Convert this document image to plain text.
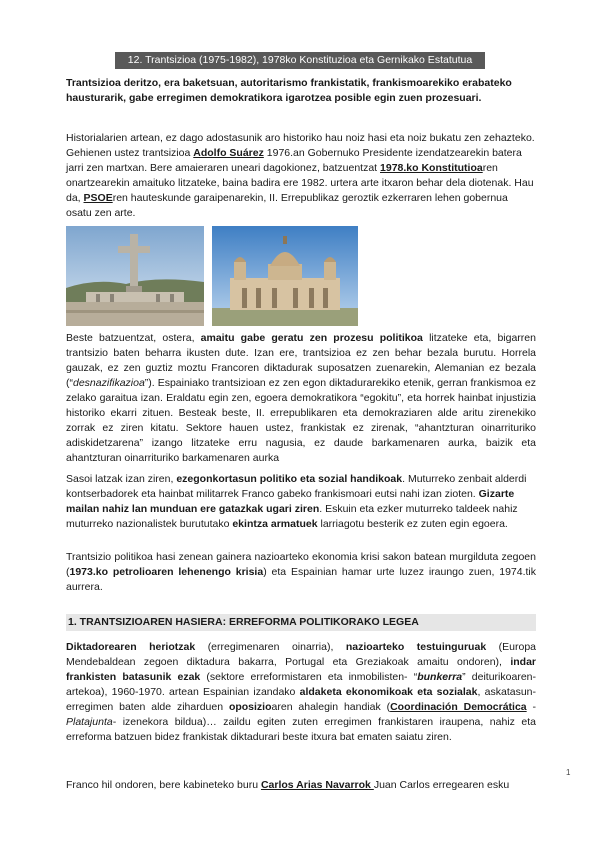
12. Trantsizioa (1975-1982), 1978ko Konstituzioa eta Gernikako Estatutua

Trantsizioa deritzo, era baketsuan, autoritarismo frankistatik, frankismoarekiko erabateko hausturarik, gabe erregimen demokratikora igarotzea posible egin zuen prozesuari.

Historialarien artean, ez dago adostasunik aro historiko hau noiz hasi eta noiz bukatu zen zehazteko. Gehienen ustez trantsizioa Adolfo Suárez 1976.an Gobernuko Presidente izendatzearekin batera jarri zen martxan. Bere amaieraren uneari dagokionez, batzuentzat 1978.ko Konstitutioaren onartzearekin amaituko litzateke, baina badira ere 1982. urtera arte itxaron behar dela diotenak. Hau da, PSOEren hauteskunde garaipenarekin, II. Errepublikaz geroztik ezkerraren lehen gobernua osatu zen arte.

Beste batzuentzat, ostera, amaitu gabe geratu zen prozesu politikoa litzateke eta, bigarren trantsizio baten beharra ikusten dute. Izan ere, trantsizioa ez zen behar bezala burutu. Horrela gauzak, ez zen guztiz moztu Francoren diktadurak suposatzen zuenarekin, Alemanian ez bezala (“desnazifikazioa”). Espainiako trantsizioan ez zen egon diktadurarekiko etenik, gerran frankismoa ez zelako garaitua izan. Eraldatu egin zen, egoera demokratikora “egokitu”, eta horrek hainbat injustizia historiko ekarri zituen. Besteak beste, II. errepublikaren eta demokraziaren alde aritu zirenekiko zorrak ez ziren kitatu. Sektore hauen ustez, frankistak ez zirenak, “ahantzturan oinarrituriko adiskidetzarena” izango litzateke erru nagusia, ez daude barkamenaren aurka, baizik eta ahantzturan oinarrituriko barkamenaren aurka

Sasoi latzak izan ziren, ezegonkortasun politiko eta sozial handikoak. Muturreko zenbait alderdi kontserbadorek eta hainbat militarrek Franco gabeko frankismoari eutsi nahi izan zioten. Gizarte mailan nahiz lan munduan ere gatazkak ugari ziren. Eskuin eta ezker muturreko taldeek nahiz muturreko nazionalistek burututako ekintza armatuek larriagotu besterik ez zuten egin egoera.

Trantsizio politikoa hasi zenean gainera nazioarteko ekonomia krisi sakon batean murgilduta zegoen (1973.ko petrolioaren lehenengo krisia) eta Espainian hamar urte luzez iraungo zuen, 1974.tik aurrera.

1. TRANTSIZIOAREN HASIERA: ERREFORMA POLITIKORAKO LEGEA

Diktadorearen heriotzak (erregimenaren oinarria), nazioarteko testuinguruak (Europa Mendebaldean zegoen diktadura bakarra, Portugal eta Greziakoak amaitu ondoren), indar frankisten batasunik ezak (sektore erreformistaren eta inmobilisten- “bunkerra” deiturikoaren- artekoa), 1960-1970. artean Espainian izandako aldaketa ekonomikoak eta sozialak, askatasun-erregimen baten alde ziharduen oposizioaren ahalegin handiak (Coordinación Democrática -Platajunta- izenekora bildua)… zaildu egiten zuten erregimen frankistaren iraupena, nahiz eta erreforma batzuen bidez frankistak diktadurari beste itxura bat ematen saiatu ziren.

Franco hil ondoren, bere kabineteko buru Carlos Arias Navarrok Juan Carlos erregearen esku

1
